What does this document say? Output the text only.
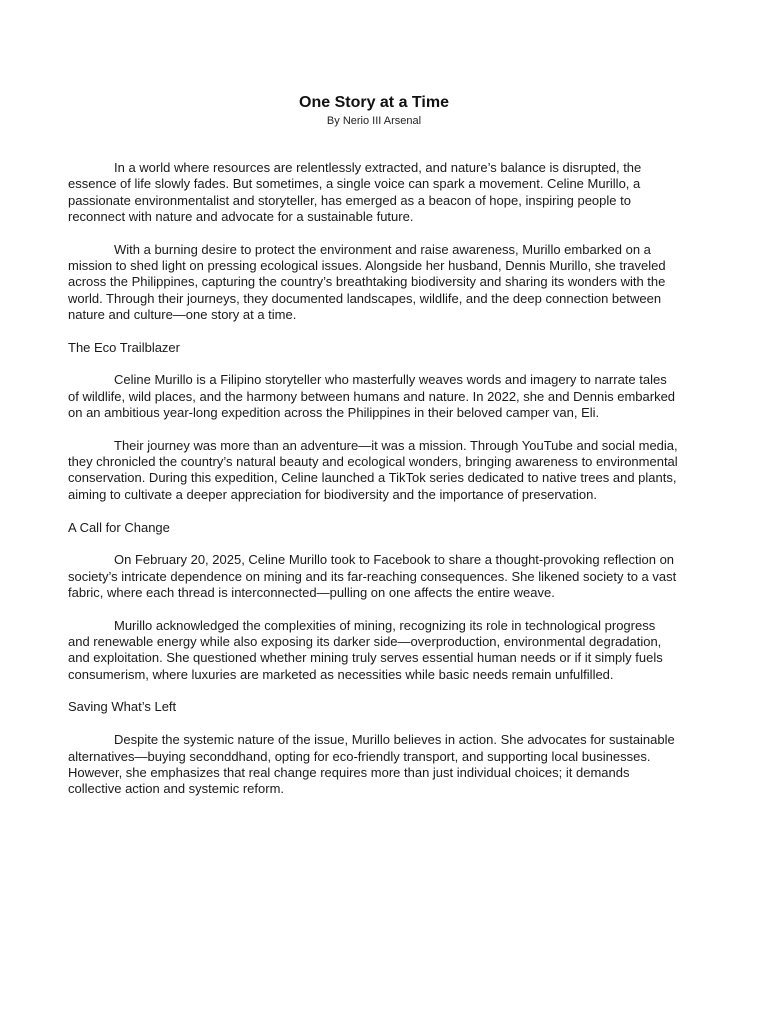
One Story at a Time

By Nerio III Arsenal

In a world where resources are relentlessly extracted, and nature’s balance is disrupted, the essence of life slowly fades. But sometimes, a single voice can spark a movement. Celine Murillo, a passionate environmentalist and storyteller, has emerged as a beacon of hope, inspiring people to reconnect with nature and advocate for a sustainable future.

With a burning desire to protect the environment and raise awareness, Murillo embarked on a mission to shed light on pressing ecological issues. Alongside her husband, Dennis Murillo, she traveled across the Philippines, capturing the country’s breathtaking biodiversity and sharing its wonders with the world. Through their journeys, they documented landscapes, wildlife, and the deep connection between nature and culture—one story at a time.

The Eco Trailblazer

Celine Murillo is a Filipino storyteller who masterfully weaves words and imagery to narrate tales of wildlife, wild places, and the harmony between humans and nature. In 2022, she and Dennis embarked on an ambitious year-long expedition across the Philippines in their beloved camper van, Eli.

Their journey was more than an adventure—it was a mission. Through YouTube and social media, they chronicled the country’s natural beauty and ecological wonders, bringing awareness to environmental conservation. During this expedition, Celine launched a TikTok series dedicated to native trees and plants, aiming to cultivate a deeper appreciation for biodiversity and the importance of preservation.

A Call for Change

On February 20, 2025, Celine Murillo took to Facebook to share a thought-provoking reflection on society’s intricate dependence on mining and its far-reaching consequences. She likened society to a vast fabric, where each thread is interconnected—pulling on one affects the entire weave.

Murillo acknowledged the complexities of mining, recognizing its role in technological progress and renewable energy while also exposing its darker side—overproduction, environmental degradation, and exploitation. She questioned whether mining truly serves essential human needs or if it simply fuels consumerism, where luxuries are marketed as necessities while basic needs remain unfulfilled.

Saving What’s Left

Despite the systemic nature of the issue, Murillo believes in action. She advocates for sustainable alternatives—buying seconddhand, opting for eco-friendly transport, and supporting local businesses. However, she emphasizes that real change requires more than just individual choices; it demands collective action and systemic reform.
